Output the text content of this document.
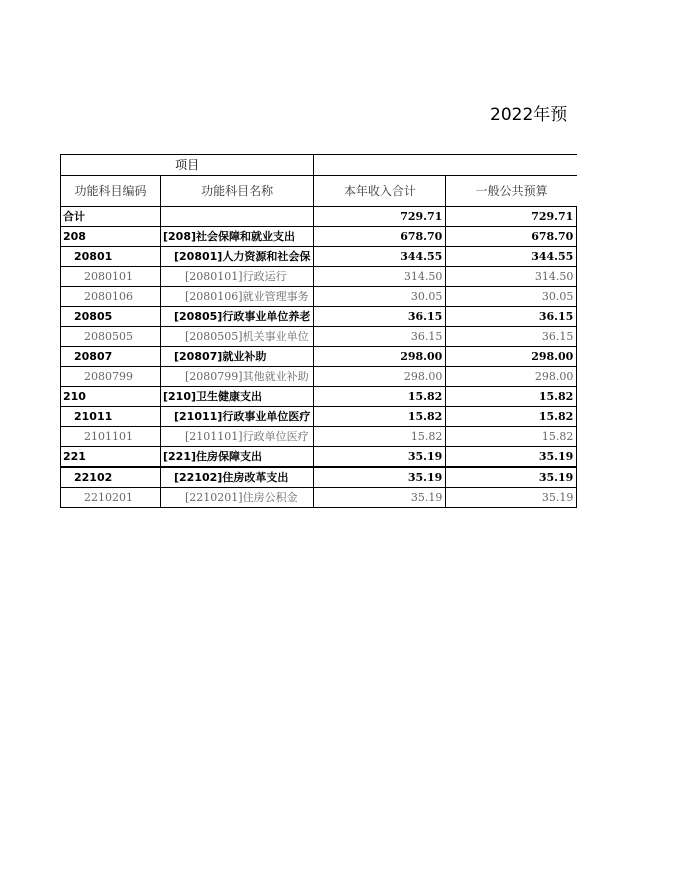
2022年预
项目			
功能科目编码	功能科目名称	本年收入合计	一般公共预算
合计		729.71	729.71
208	[208]社会保障和就业支出	678.70	678.70
20801	[20801]人力资源和社会保	344.55	344.55
2080101	[2080101]行政运行	314.50	314.50
2080106	[2080106]就业管理事务	30.05	30.05
20805	[20805]行政事业单位养老	36.15	36.15
2080505	[2080505]机关事业单位	36.15	36.15
20807	[20807]就业补助	298.00	298.00
2080799	[2080799]其他就业补助	298.00	298.00
210	[210]卫生健康支出	15.82	15.82
21011	[21011]行政事业单位医疗	15.82	15.82
2101101	[2101101]行政单位医疗	15.82	15.82
221	[221]住房保障支出	35.19	35.19
22102	[22102]住房改革支出	35.19	35.19
2210201	[2210201]住房公积金	35.19	35.19
